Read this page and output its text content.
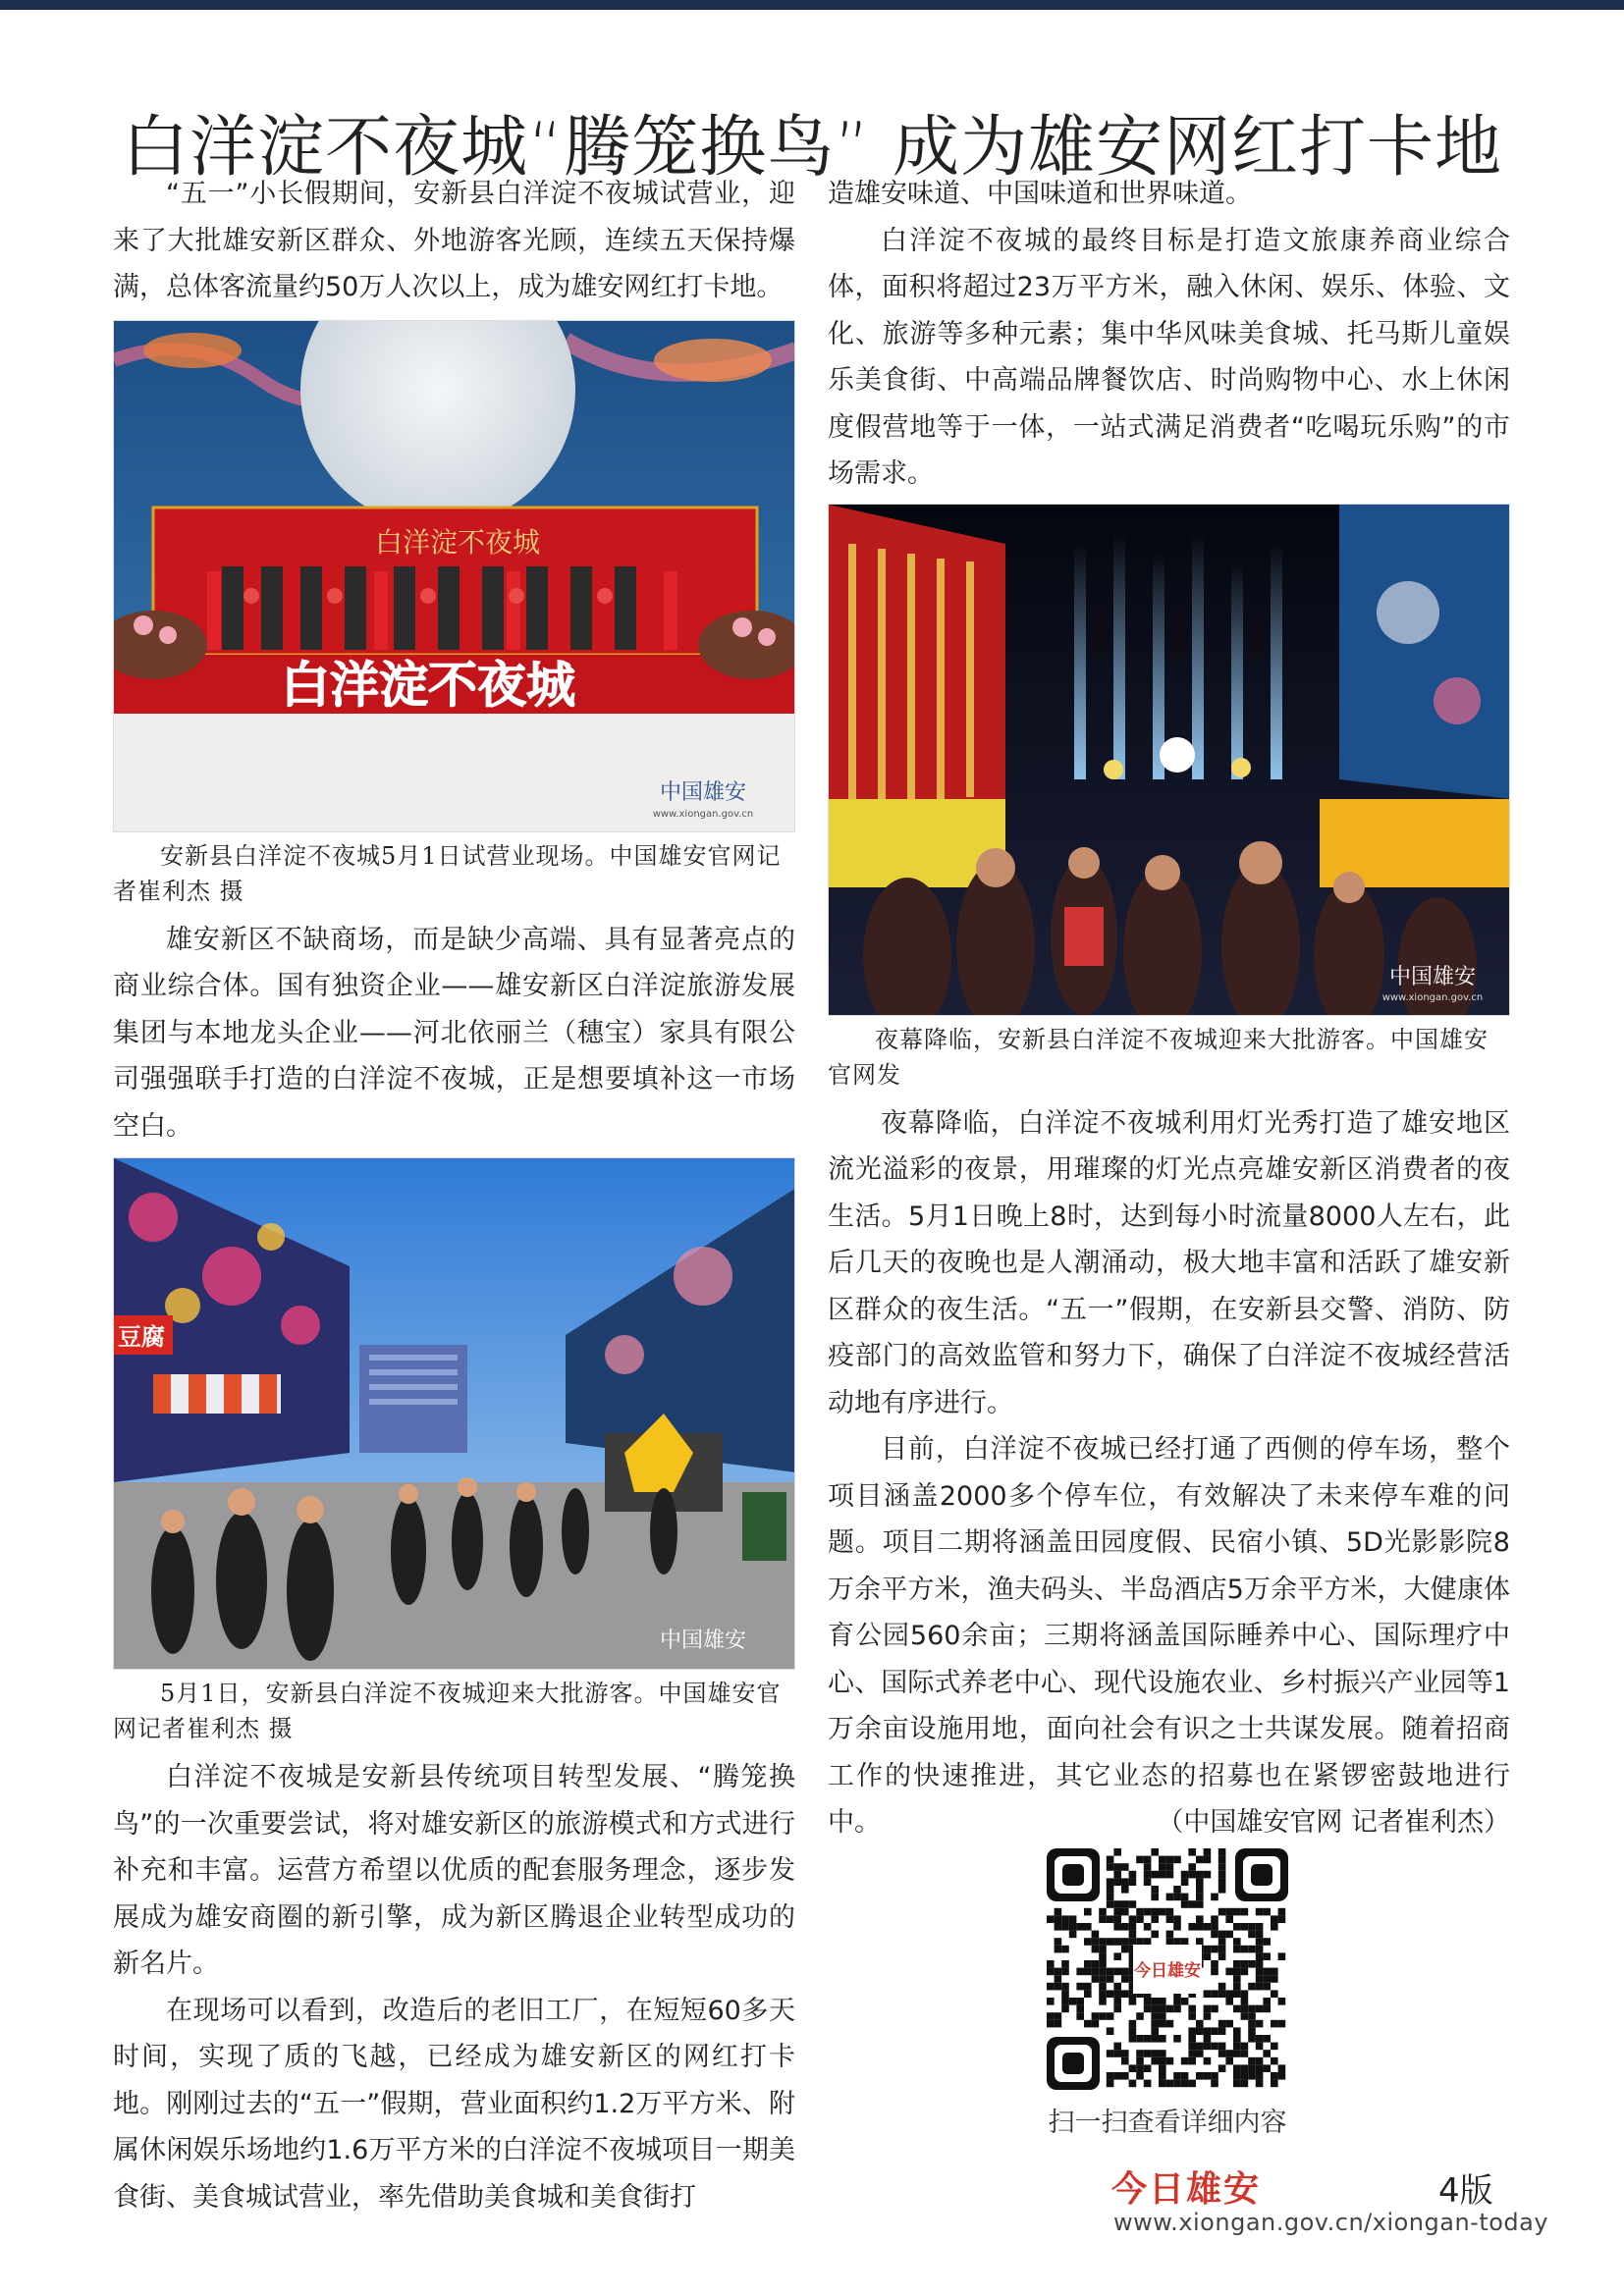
白洋淀不夜城“腾笼换鸟” 成为雄安网红打卡地

“五一”小长假期间，安新县白洋淀不夜城试营业，迎来了大批雄安新区群众、外地游客光顾，连续五天保持爆满，总体客流量约50万人次以上，成为雄安网红打卡地。

白洋淀不夜城
白洋淀不夜城
中国雄安
www.xiongan.gov.cn

安新县白洋淀不夜城5月1日试营业现场。中国雄安官网记者崔利杰 摄

雄安新区不缺商场，而是缺少高端、具有显著亮点的商业综合体。国有独资企业——雄安新区白洋淀旅游发展集团与本地龙头企业——河北依丽兰（穗宝）家具有限公司强强联手打造的白洋淀不夜城，正是想要填补这一市场空白。

豆腐
中国雄安

5月1日，安新县白洋淀不夜城迎来大批游客。中国雄安官网记者崔利杰 摄

白洋淀不夜城是安新县传统项目转型发展、“腾笼换鸟”的一次重要尝试，将对雄安新区的旅游模式和方式进行补充和丰富。运营方希望以优质的配套服务理念，逐步发展成为雄安商圈的新引擎，成为新区腾退企业转型成功的新名片。

在现场可以看到，改造后的老旧工厂，在短短60多天时间，实现了质的飞越，已经成为雄安新区的网红打卡地。刚刚过去的“五一”假期，营业面积约1.2万平方米、附属休闲娱乐场地约1.6万平方米的白洋淀不夜城项目一期美食街、美食城试营业，率先借助美食城和美食街打

造雄安味道、中国味道和世界味道。

白洋淀不夜城的最终目标是打造文旅康养商业综合体，面积将超过23万平方米，融入休闲、娱乐、体验、文化、旅游等多种元素；集中华风味美食城、托马斯儿童娱乐美食街、中高端品牌餐饮店、时尚购物中心、水上休闲度假营地等于一体，一站式满足消费者“吃喝玩乐购”的市场需求。

中国雄安
www.xiongan.gov.cn

夜幕降临，安新县白洋淀不夜城迎来大批游客。中国雄安官网发

夜幕降临，白洋淀不夜城利用灯光秀打造了雄安地区流光溢彩的夜景，用璀璨的灯光点亮雄安新区消费者的夜生活。5月1日晚上8时，达到每小时流量8000人左右，此后几天的夜晚也是人潮涌动，极大地丰富和活跃了雄安新区群众的夜生活。“五一”假期，在安新县交警、消防、防疫部门的高效监管和努力下，确保了白洋淀不夜城经营活动地有序进行。

目前，白洋淀不夜城已经打通了西侧的停车场，整个项目涵盖2000多个停车位，有效解决了未来停车难的问题。项目二期将涵盖田园度假、民宿小镇、5D光影影院8万余平方米，渔夫码头、半岛酒店5万余平方米，大健康体育公园560余亩；三期将涵盖国际睡养中心、国际理疗中心、国际式养老中心、现代设施农业、乡村振兴产业园等1万余亩设施用地，面向社会有识之士共谋发展。随着招商工作的快速推进，其它业态的招募也在紧锣密鼓地进行中。	（中国雄安官网 记者崔利杰）

今日雄安
扫一扫查看详细内容
今日雄安	4版
www.xiongan.gov.cn/xiongan-today
